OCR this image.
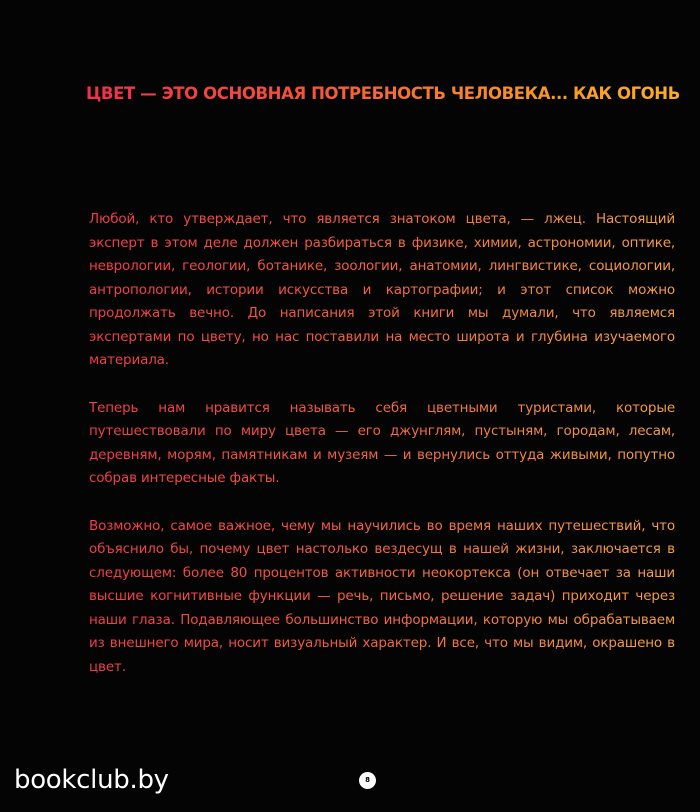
ЦВЕТ — ЭТО ОСНОВНАЯ ПОТРЕБНОСТЬ ЧЕЛОВЕКА... КАК ОГОНЬ

Любой, кто утверждает, что является знатоком цвета, — лжец. Настоящий эксперт в этом деле должен разбираться в физике, химии, астрономии, оптике, неврологии, геологии, ботанике, зоологии, анатомии, лингвистике, социологии, антропологии, истории искусства и картографии; и этот список можно продолжать вечно. До написания этой книги мы думали, что являемся экспертами по цвету, но нас поставили на место широта и глубина изучаемого материала.

Теперь нам нравится называть себя цветными туристами, которые путешествовали по миру цвета — его джунглям, пустыням, городам, лесам, деревням, морям, памятникам и музеям — и вернулись оттуда живыми, попутно собрав интересные факты.

Возможно, самое важное, чему мы научились во время наших путешествий, что объяснило бы, почему цвет настолько вездесущ в нашей жизни, заключается в следующем: более 80 процентов активности неокортекса (он отвечает за наши высшие когнитивные функции — речь, письмо, решение задач) приходит через наши глаза. Подавляющее большинство информации, которую мы обрабатываем из внешнего мира, носит визуальный характер. И все, что мы видим, окрашено в цвет.

bookclub.by	8
